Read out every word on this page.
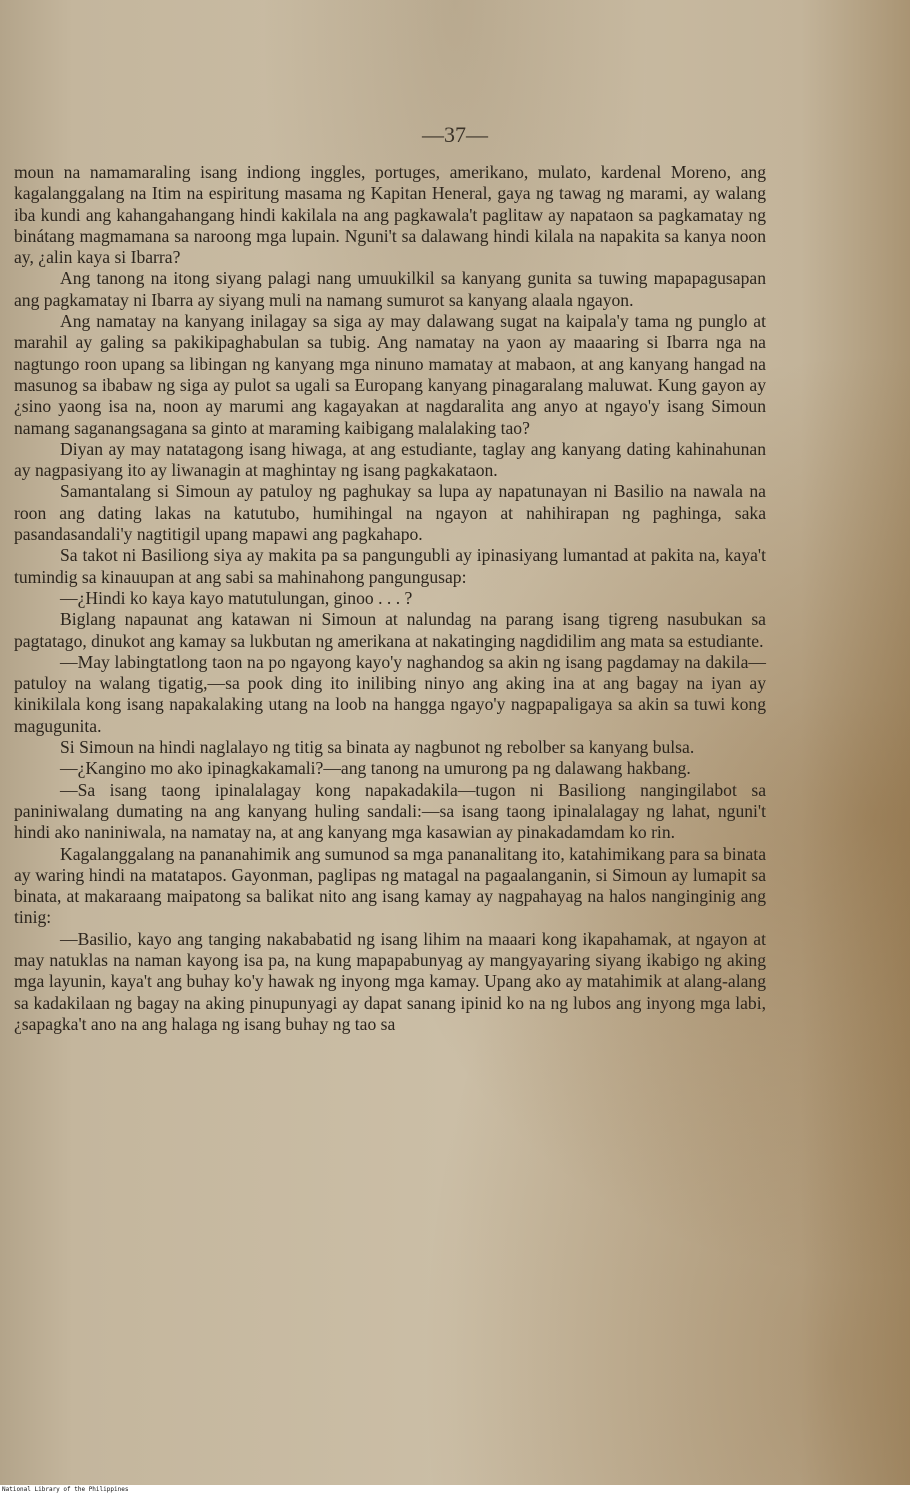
—37—

moun na namamaraling isang indiong inggles, portuges, amerikano, mulato, kardenal Moreno, ang kagalanggalang na Itim na espiritung masama ng Kapitan Heneral, gaya ng tawag ng marami, ay walang iba kundi ang kahangahangang hindi kakilala na ang pagkawala't paglitaw ay napataon sa pagkamatay ng binátang magmamana sa naroong mga lupain. Nguni't sa dalawang hindi kilala na napakita sa kanya noon ay, ¿alin kaya si Ibarra?

Ang tanong na itong siyang palagi nang umuukilkil sa kanyang gunita sa tuwing mapapagusapan ang pagkamatay ni Ibarra ay siyang muli na namang sumurot sa kanyang alaala ngayon.

Ang namatay na kanyang inilagay sa siga ay may dalawang sugat na kaipala'y tama ng punglo at marahil ay galing sa pakikipaghabulan sa tubig. Ang namatay na yaon ay maaaring si Ibarra nga na nagtungo roon upang sa libingan ng kanyang mga ninuno mamatay at mabaon, at ang kanyang hangad na masunog sa ibabaw ng siga ay pulot sa ugali sa Europang kanyang pinagaralang maluwat. Kung gayon ay ¿sino yaong isa na, noon ay marumi ang kagayakan at nagdaralita ang anyo at ngayo'y isang Simoun namang saganangsagana sa ginto at maraming kaibigang malalaking tao?

Diyan ay may natatagong isang hiwaga, at ang estudiante, taglay ang kanyang dating kahinahunan ay nagpasiyang ito ay liwanagin at maghintay ng isang pagkakataon.

Samantalang si Simoun ay patuloy ng paghukay sa lupa ay napatunayan ni Basilio na nawala na roon ang dating lakas na katutubo, humihingal na ngayon at nahihirapan ng paghinga, saka pasandasandali'y nagtitigil upang mapawi ang pagkahapo.

Sa takot ni Basiliong siya ay makita pa sa pangungubli ay ipinasiyang lumantad at pakita na, kaya't tumindig sa kinauupan at ang sabi sa mahinahong pangungusap:

—¿Hindi ko kaya kayo matutulungan, ginoo . . . ?

Biglang napaunat ang katawan ni Simoun at nalundag na parang isang tigreng nasubukan sa pagtatago, dinukot ang kamay sa lukbutan ng amerikana at nakatinging nagdidilim ang mata sa estudiante.

—May labingtatlong taon na po ngayong kayo'y naghandog sa akin ng isang pagdamay na dakila—patuloy na walang tigatig,—sa pook ding ito inilibing ninyo ang aking ina at ang bagay na iyan ay kinikilala kong isang napakalaking utang na loob na hangga ngayo'y nagpapaligaya sa akin sa tuwi kong magugunita.

Si Simoun na hindi naglalayo ng titig sa binata ay nagbunot ng rebolber sa kanyang bulsa.

—¿Kangino mo ako ipinagkakamali?—ang tanong na umurong pa ng dalawang hakbang.

—Sa isang taong ipinalalagay kong napakadakila—tugon ni Basiliong nangingilabot sa paniniwalang dumating na ang kanyang huling sandali:—sa isang taong ipinalalagay ng lahat, nguni't hindi ako naniniwala, na namatay na, at ang kanyang mga kasawian ay pinakadamdam ko rin.

Kagalanggalang na pananahimik ang sumunod sa mga pananalitang ito, katahimikang para sa binata ay waring hindi na matatapos. Gayonman, paglipas ng matagal na pagaalanganin, si Simoun ay lumapit sa binata, at makaraang maipatong sa balikat nito ang isang kamay ay nagpahayag na halos nanginginig ang tinig:

—Basilio, kayo ang tanging nakababatid ng isang lihim na maaari kong ikapahamak, at ngayon at may natuklas na naman kayong isa pa, na kung mapapabunyag ay mangyayaring siyang ikabigo ng aking mga layunin, kaya't ang buhay ko'y hawak ng inyong mga kamay. Upang ako ay matahimik at alang-alang sa kadakilaan ng bagay na aking pinupunyagi ay dapat sanang ipinid ko na ng lubos ang inyong mga labi, ¿sapagka't ano na ang halaga ng isang buhay ng tao sa

National Library of the Philippines
